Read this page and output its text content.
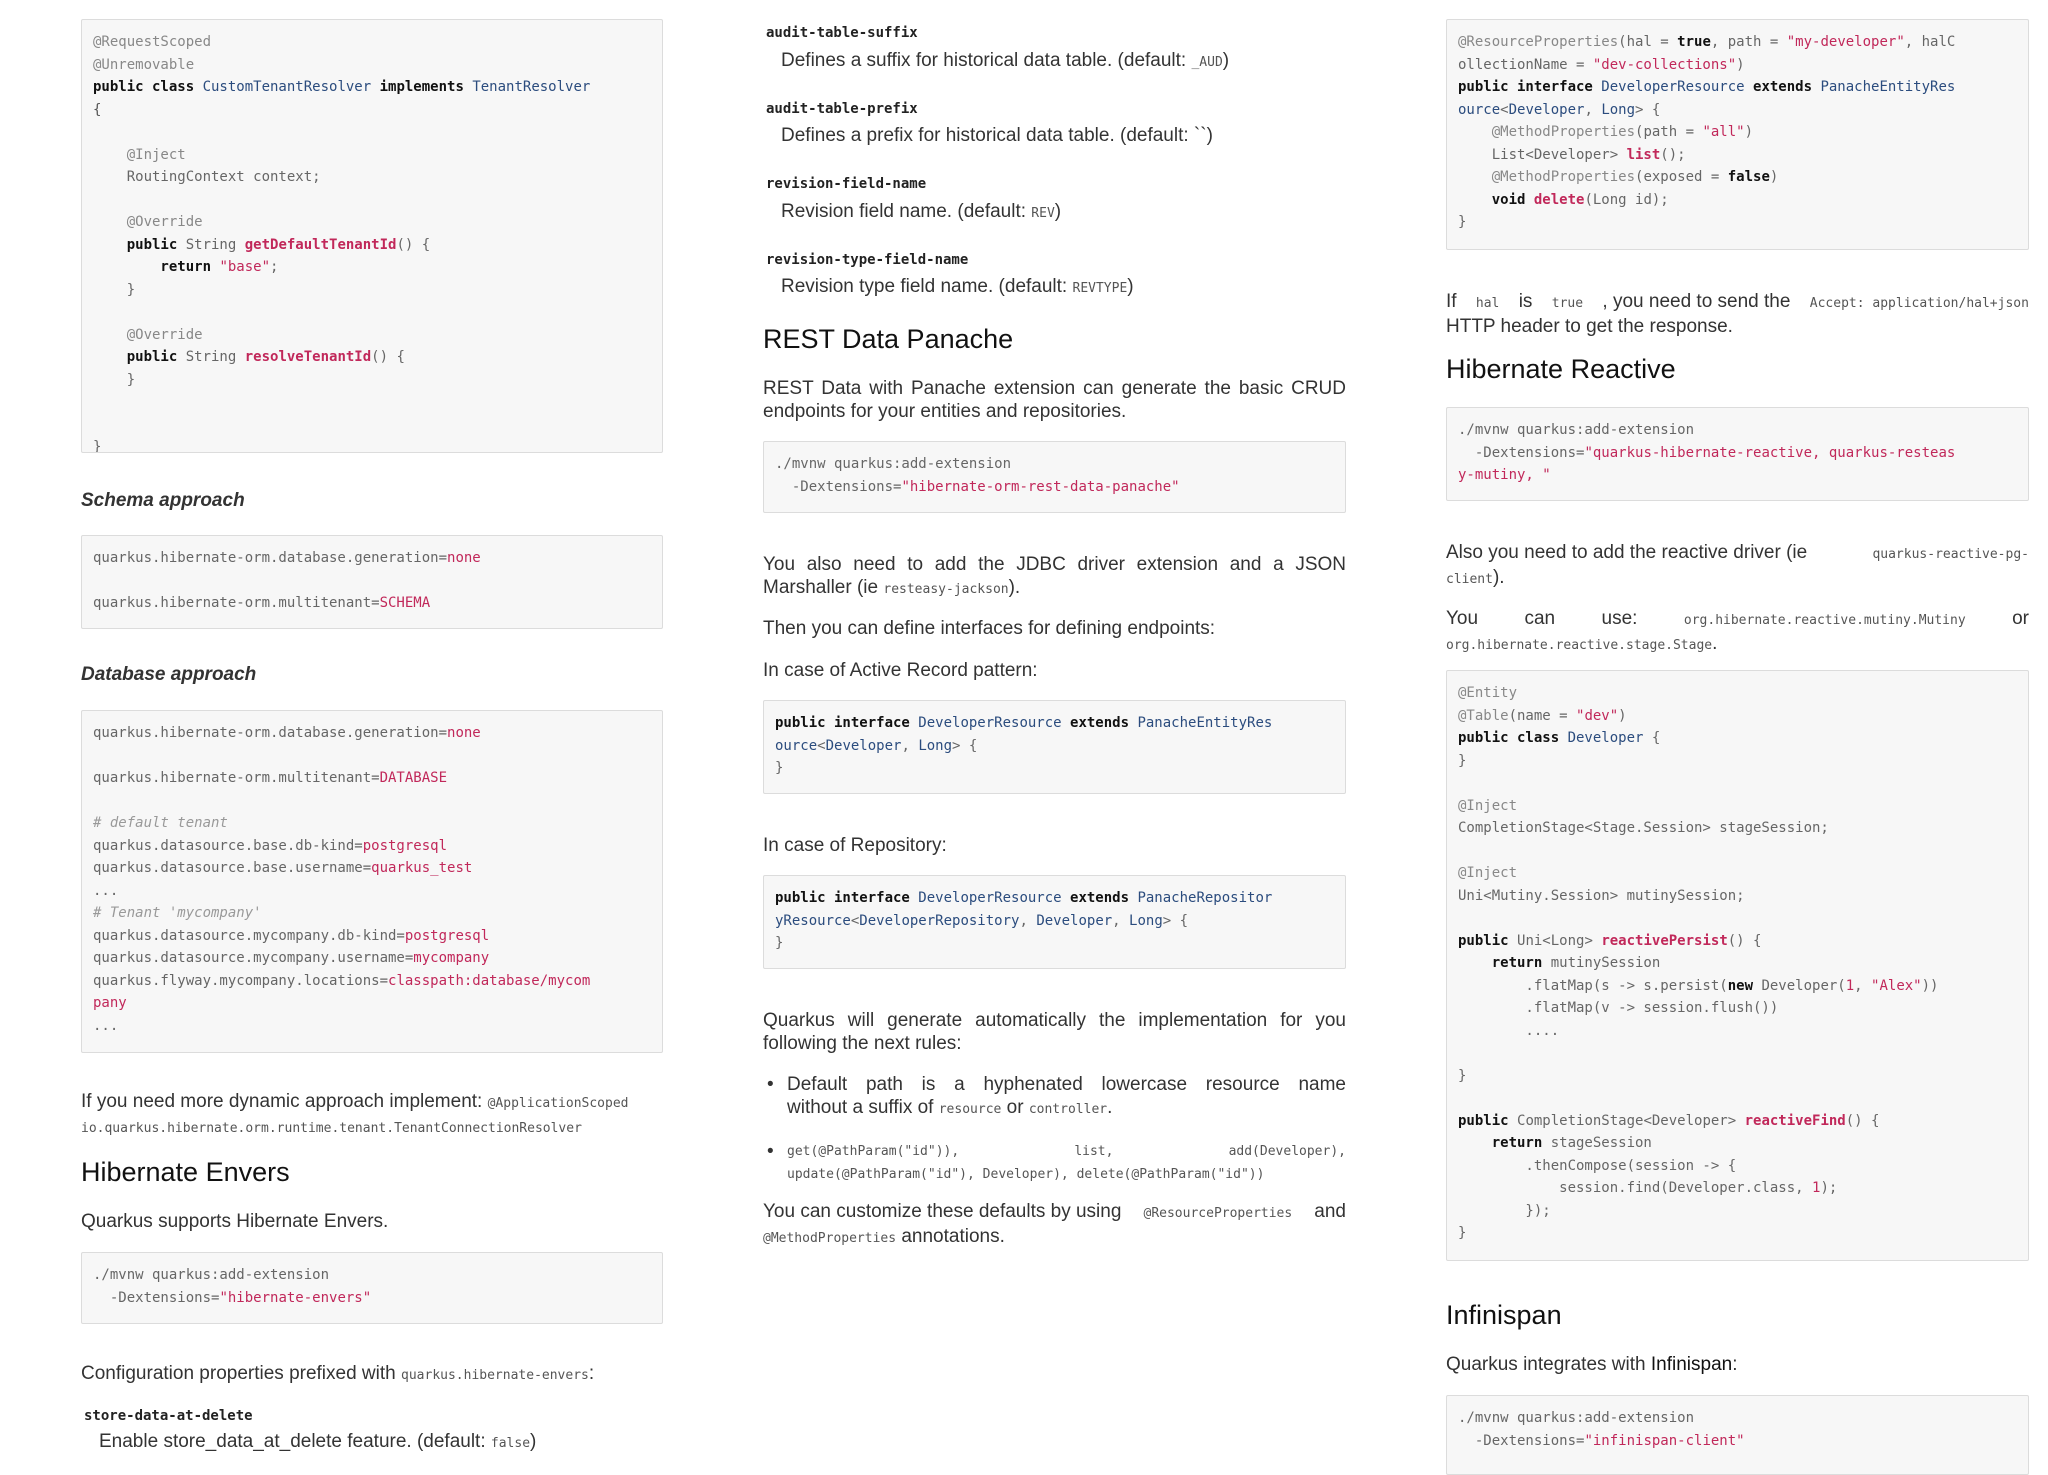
@RequestScoped
@Unremovable
public class CustomTenantResolver implements TenantResolver
{
@Inject
RoutingContext context;
@Override
public String getDefaultTenantId() {
return "base";
}
@Override
public String resolveTenantId() {
}
}
Schema approach
quarkus.hibernate-orm.database.generation=none
quarkus.hibernate-orm.multitenant=SCHEMA
Database approach
quarkus.hibernate-orm.database.generation=none
quarkus.hibernate-orm.multitenant=DATABASE
# default tenant
quarkus.datasource.base.db-kind=postgresql
quarkus.datasource.base.username=quarkus_test
...
# Tenant 'mycompany'
quarkus.datasource.mycompany.db-kind=postgresql
quarkus.datasource.mycompany.username=mycompany
quarkus.flyway.mycompany.locations=classpath:database/mycom
pany
...

If you need more dynamic approach implement: @ApplicationScoped
io.quarkus.hibernate.orm.runtime.tenant.TenantConnectionResolver

Hibernate Envers

Quarkus supports Hibernate Envers.

./mvnw quarkus:add-extension
-Dextensions="hibernate-envers"

Configuration properties prefixed with quarkus.hibernate-envers:

store-data-at-delete
Enable store_data_at_delete feature. (default: false)
audit-table-suffix
Defines a suffix for historical data table. (default: _AUD)
audit-table-prefix
Defines a prefix for historical data table. (default: ``)
revision-field-name
Revision field name. (default: REV)
revision-type-field-name
Revision type field name. (default: REVTYPE)
REST Data Panache

REST Data with Panache extension can generate the basic CRUD endpoints for your entities and repositories.

./mvnw quarkus:add-extension
-Dextensions="hibernate-orm-rest-data-panache"

You also need to add the JDBC driver extension and a JSON Marshaller (ie resteasy-jackson).

Then you can define interfaces for defining endpoints:

In case of Active Record pattern:

public interface DeveloperResource extends PanacheEntityRes
ource<Developer, Long> {
}

In case of Repository:

public interface DeveloperResource extends PanacheRepositor
yResource<DeveloperRepository, Developer, Long> {
}

Quarkus will generate automatically the implementation for you following the next rules:

• Default path is a hyphenated lowercase resource name
without a suffix of resource or controller.
• get(@PathParam("id")),	list,	add(Developer),
update(@PathParam("id"), Developer), delete(@PathParam("id"))

You can customize these defaults by using @ResourceProperties and
@MethodProperties annotations.

@ResourceProperties(hal = true, path = "my-developer", halC
ollectionName = "dev-collections")
public interface DeveloperResource extends PanacheEntityRes
ource<Developer, Long> {
@MethodProperties(path = "all")
List<Developer> list();
@MethodProperties(exposed = false)
void delete(Long id);
}

If hal is true , you need to send the Accept: application/hal+json
HTTP header to get the response.

Hibernate Reactive
./mvnw quarkus:add-extension
-Dextensions="quarkus-hibernate-reactive, quarkus-resteas
y-mutiny, "

Also you need to add the reactive driver (ie	quarkus-reactive-pg-
client).

You can use:	org.hibernate.reactive.mutiny.Mutiny or
org.hibernate.reactive.stage.Stage.

@Entity
@Table(name = "dev")
public class Developer {
}
@Inject
CompletionStage<Stage.Session> stageSession;
@Inject
Uni<Mutiny.Session> mutinySession;
public Uni<Long> reactivePersist() {
return mutinySession
.flatMap(s -> s.persist(new Developer(1, "Alex"))
.flatMap(v -> session.flush())
....
}
public CompletionStage<Developer> reactiveFind() {
return stageSession
.thenCompose(session -> {
session.find(Developer.class, 1);
});
}
Infinispan

Quarkus integrates with Infinispan:

./mvnw quarkus:add-extension
-Dextensions="infinispan-client"
